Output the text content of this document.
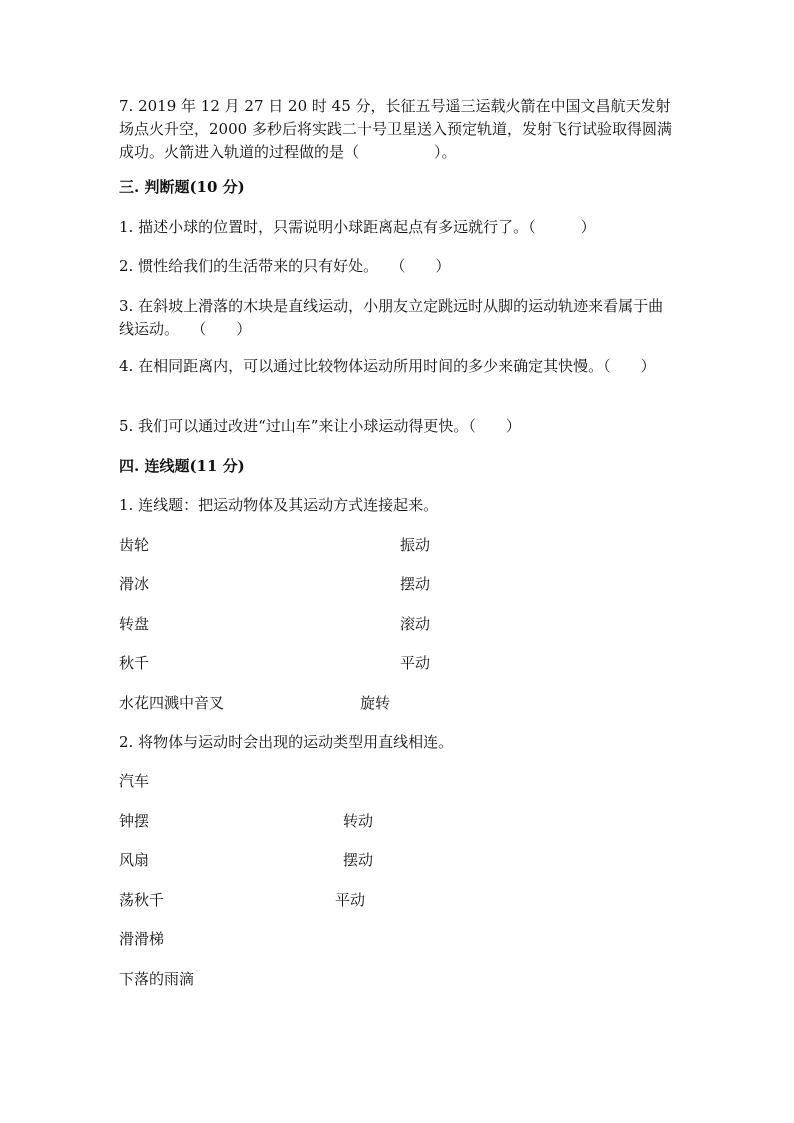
7. 2019 年 12 月 27 日 20 时 45 分，长征五号遥三运载火箭在中国文昌航天发射场点火升空，2000 多秒后将实践二十号卫星送入预定轨道，发射飞行试验取得圆满成功。火箭进入轨道的过程做的是（　　　　　）。
三. 判断题(10 分)
1. 描述小球的位置时，只需说明小球距离起点有多远就行了。（　　　）
2. 惯性给我们的生活带来的只有好处。　 （　　）
3. 在斜坡上滑落的木块是直线运动，小朋友立定跳远时从脚的运动轨迹来看属于曲线运动。　 （　　）
4. 在相同距离内，可以通过比较物体运动所用时间的多少来确定其快慢。（　　）
5. 我们可以通过改进“过山车”来让小球运动得更快。（　　）
四. 连线题(11 分)
1. 连线题：把运动物体及其运动方式连接起来。
齿轮	振动
滑冰	摆动
转盘	滚动
秋千	平动
水花四溅中音叉	旋转
2. 将物体与运动时会出现的运动类型用直线相连。
汽车
钟摆	转动
风扇	摆动
荡秋千	平动
滑滑梯
下落的雨滴
